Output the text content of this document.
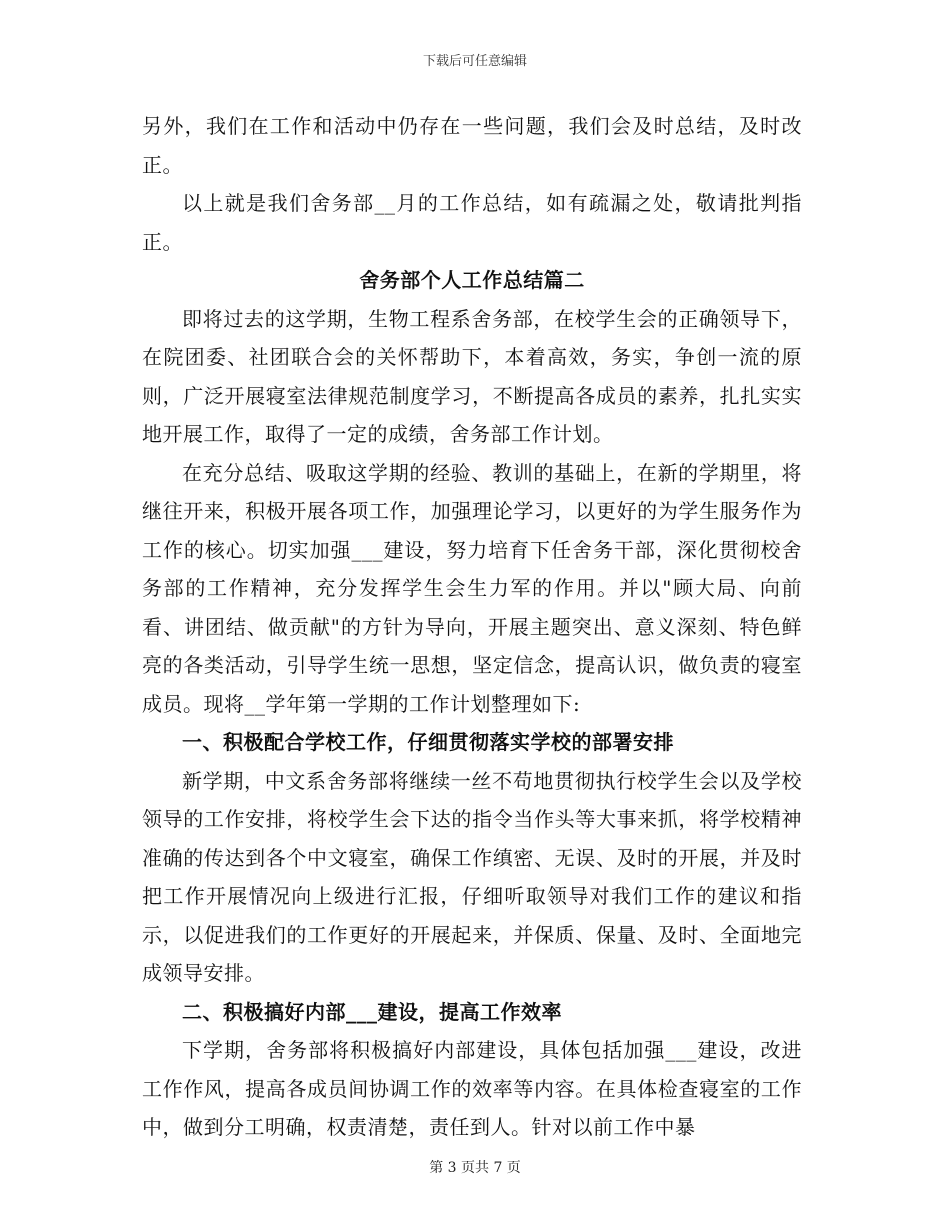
下载后可任意编辑

另外，我们在工作和活动中仍存在一些问题，我们会及时总结，及时改正。

以上就是我们舍务部__月的工作总结，如有疏漏之处，敬请批判指正。

舍务部个人工作总结篇二

即将过去的这学期，生物工程系舍务部，在校学生会的正确领导下，在院团委、社团联合会的关怀帮助下，本着高效，务实，争创一流的原则，广泛开展寝室法律规范制度学习，不断提高各成员的素养，扎扎实实地开展工作，取得了一定的成绩，舍务部工作计划。

在充分总结、吸取这学期的经验、教训的基础上，在新的学期里，将继往开来，积极开展各项工作，加强理论学习，以更好的为学生服务作为工作的核心。切实加强___建设，努力培育下任舍务干部，深化贯彻校舍务部的工作精神，充分发挥学生会生力军的作用。并以"顾大局、向前看、讲团结、做贡献"的方针为导向，开展主题突出、意义深刻、特色鲜亮的各类活动，引导学生统一思想，坚定信念，提高认识，做负责的寝室成员。现将__学年第一学期的工作计划整理如下:

一、积极配合学校工作，仔细贯彻落实学校的部署安排

新学期，中文系舍务部将继续一丝不苟地贯彻执行校学生会以及学校领导的工作安排，将校学生会下达的指令当作头等大事来抓，将学校精神准确的传达到各个中文寝室，确保工作缜密、无误、及时的开展，并及时把工作开展情况向上级进行汇报，仔细听取领导对我们工作的建议和指示，以促进我们的工作更好的开展起来，并保质、保量、及时、全面地完成领导安排。

二、积极搞好内部___建设，提高工作效率

下学期，舍务部将积极搞好内部建设，具体包括加强___建设，改进工作作风，提高各成员间协调工作的效率等内容。在具体检查寝室的工作中，做到分工明确，权责清楚，责任到人。针对以前工作中暴

第 3 页共 7 页
